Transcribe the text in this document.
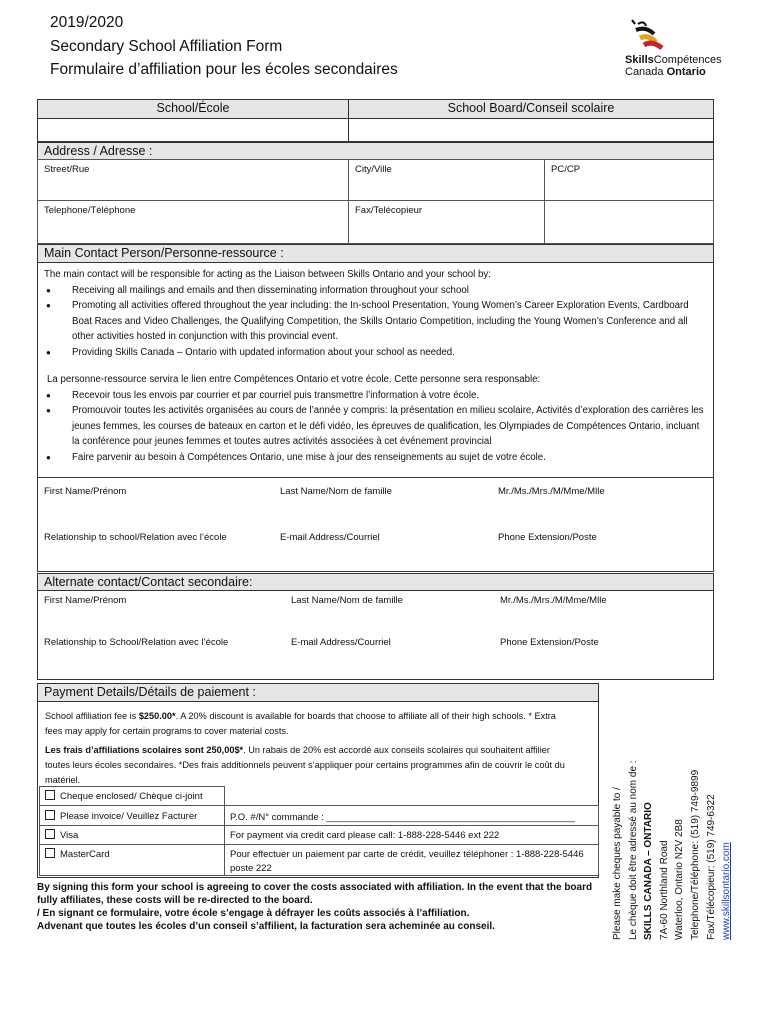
2019/2020
Secondary School Affiliation Form
Formulaire d’affiliation pour les écoles secondaires
SkillsCompétences
Canada Ontario
School/École	School Board/Conseil scolaire
Address / Adresse :
Street/Rue	City/Ville	PC/CP
Telephone/Téléphone	Fax/Telécopieur
Main Contact Person/Personne-ressource :
The main contact will be responsible for acting as the Liaison between Skills Ontario and your school by:
● Receiving all mailings and emails and then disseminating information throughout your school
● Promoting all activities offered throughout the year including: the In-school Presentation, Young Women’s Career Exploration Events, Cardboard Boat Races and Video Challenges, the Qualifying Competition, the Skills Ontario Competition, including the Young Women’s Conference and all other activities hosted in conjunction with this provincial event.
● Providing Skills Canada – Ontario with updated information about your school as needed.
La personne-ressource servira le lien entre Compétences Ontario et votre école. Cette personne sera responsable:
● Recevoir tous les envois par courrier et par courriel puis transmettre l’information à votre école.
● Promouvoir toutes les activités organisées au cours de l’année y compris: la présentation en milieu scolaire, Activités d’exploration des carrières les jeunes femmes, les courses de bateaux en carton et le défi vidéo, les épreuves de qualification, les Olympiades de Compétences Ontario, incluant la conférence pour jeunes femmes et toutes autres activités associées à cet événement provincial
● Faire parvenir au besoin à Compétences Ontario, une mise à jour des renseignements au sujet de votre école.
First Name/Prénom	Last Name/Nom de famille	Mr./Ms./Mrs./M/Mme/Mlle
Relationship to school/Relation avec l’école	E-mail Address/Courriel	Phone Extension/Poste
Alternate contact/Contact secondaire:
First Name/Prénom	Last Name/Nom de famille	Mr./Ms./Mrs./M/Mme/Mlle
Relationship to School/Relation avec l’école	E-mail Address/Courriel	Phone Extension/Poste
Payment Details/Détails de paiement :
School affiliation fee is $250.00*. A 20% discount is available for boards that choose to affiliate all of their high schools. * Extra fees may apply for certain programs to cover material costs.
Les frais d’affiliations scolaires sont 250,00$*. Un rabais de 20% est accordé aux conseils scolaires qui souhaitent affilier toutes leurs écoles secondaires. *Des frais additionnels peuvent s’appliquer pour certains programmes afin de couvrir le coût du matériel.
Cheque enclosed/ Chèque ci-joint
Please invoice/ Veuillez Facturer	P.O. #/N° commande : _______________________________________________
Visa	For payment via credit card please call: 1-888-228-5446 ext 222
MasterCard	Pour effectuer un paiement par carte de crédit, veuillez téléphoner : 1-888-228-5446 poste 222
By signing this form your school is agreeing to cover the costs associated with affiliation. In the event that the board fully affiliates, these costs will be re-directed to the board.
/ En signant ce formulaire, votre école s’engage à défrayer les coûts associés à l’affiliation.
Advenant que toutes les écoles d’un conseil s’affilient, la facturation sera acheminée au conseil.	Please make cheques payable to / Le chèque doit être adressé au nom de : SKILLS CANADA – ONTARIO 7A-60 Northland Road Waterloo, Ontario N2V 2B8 Telephone/Téléphone: (519) 749-9899 Fax/Télécopieur: (519) 749-6322 www.skillsontario.com
